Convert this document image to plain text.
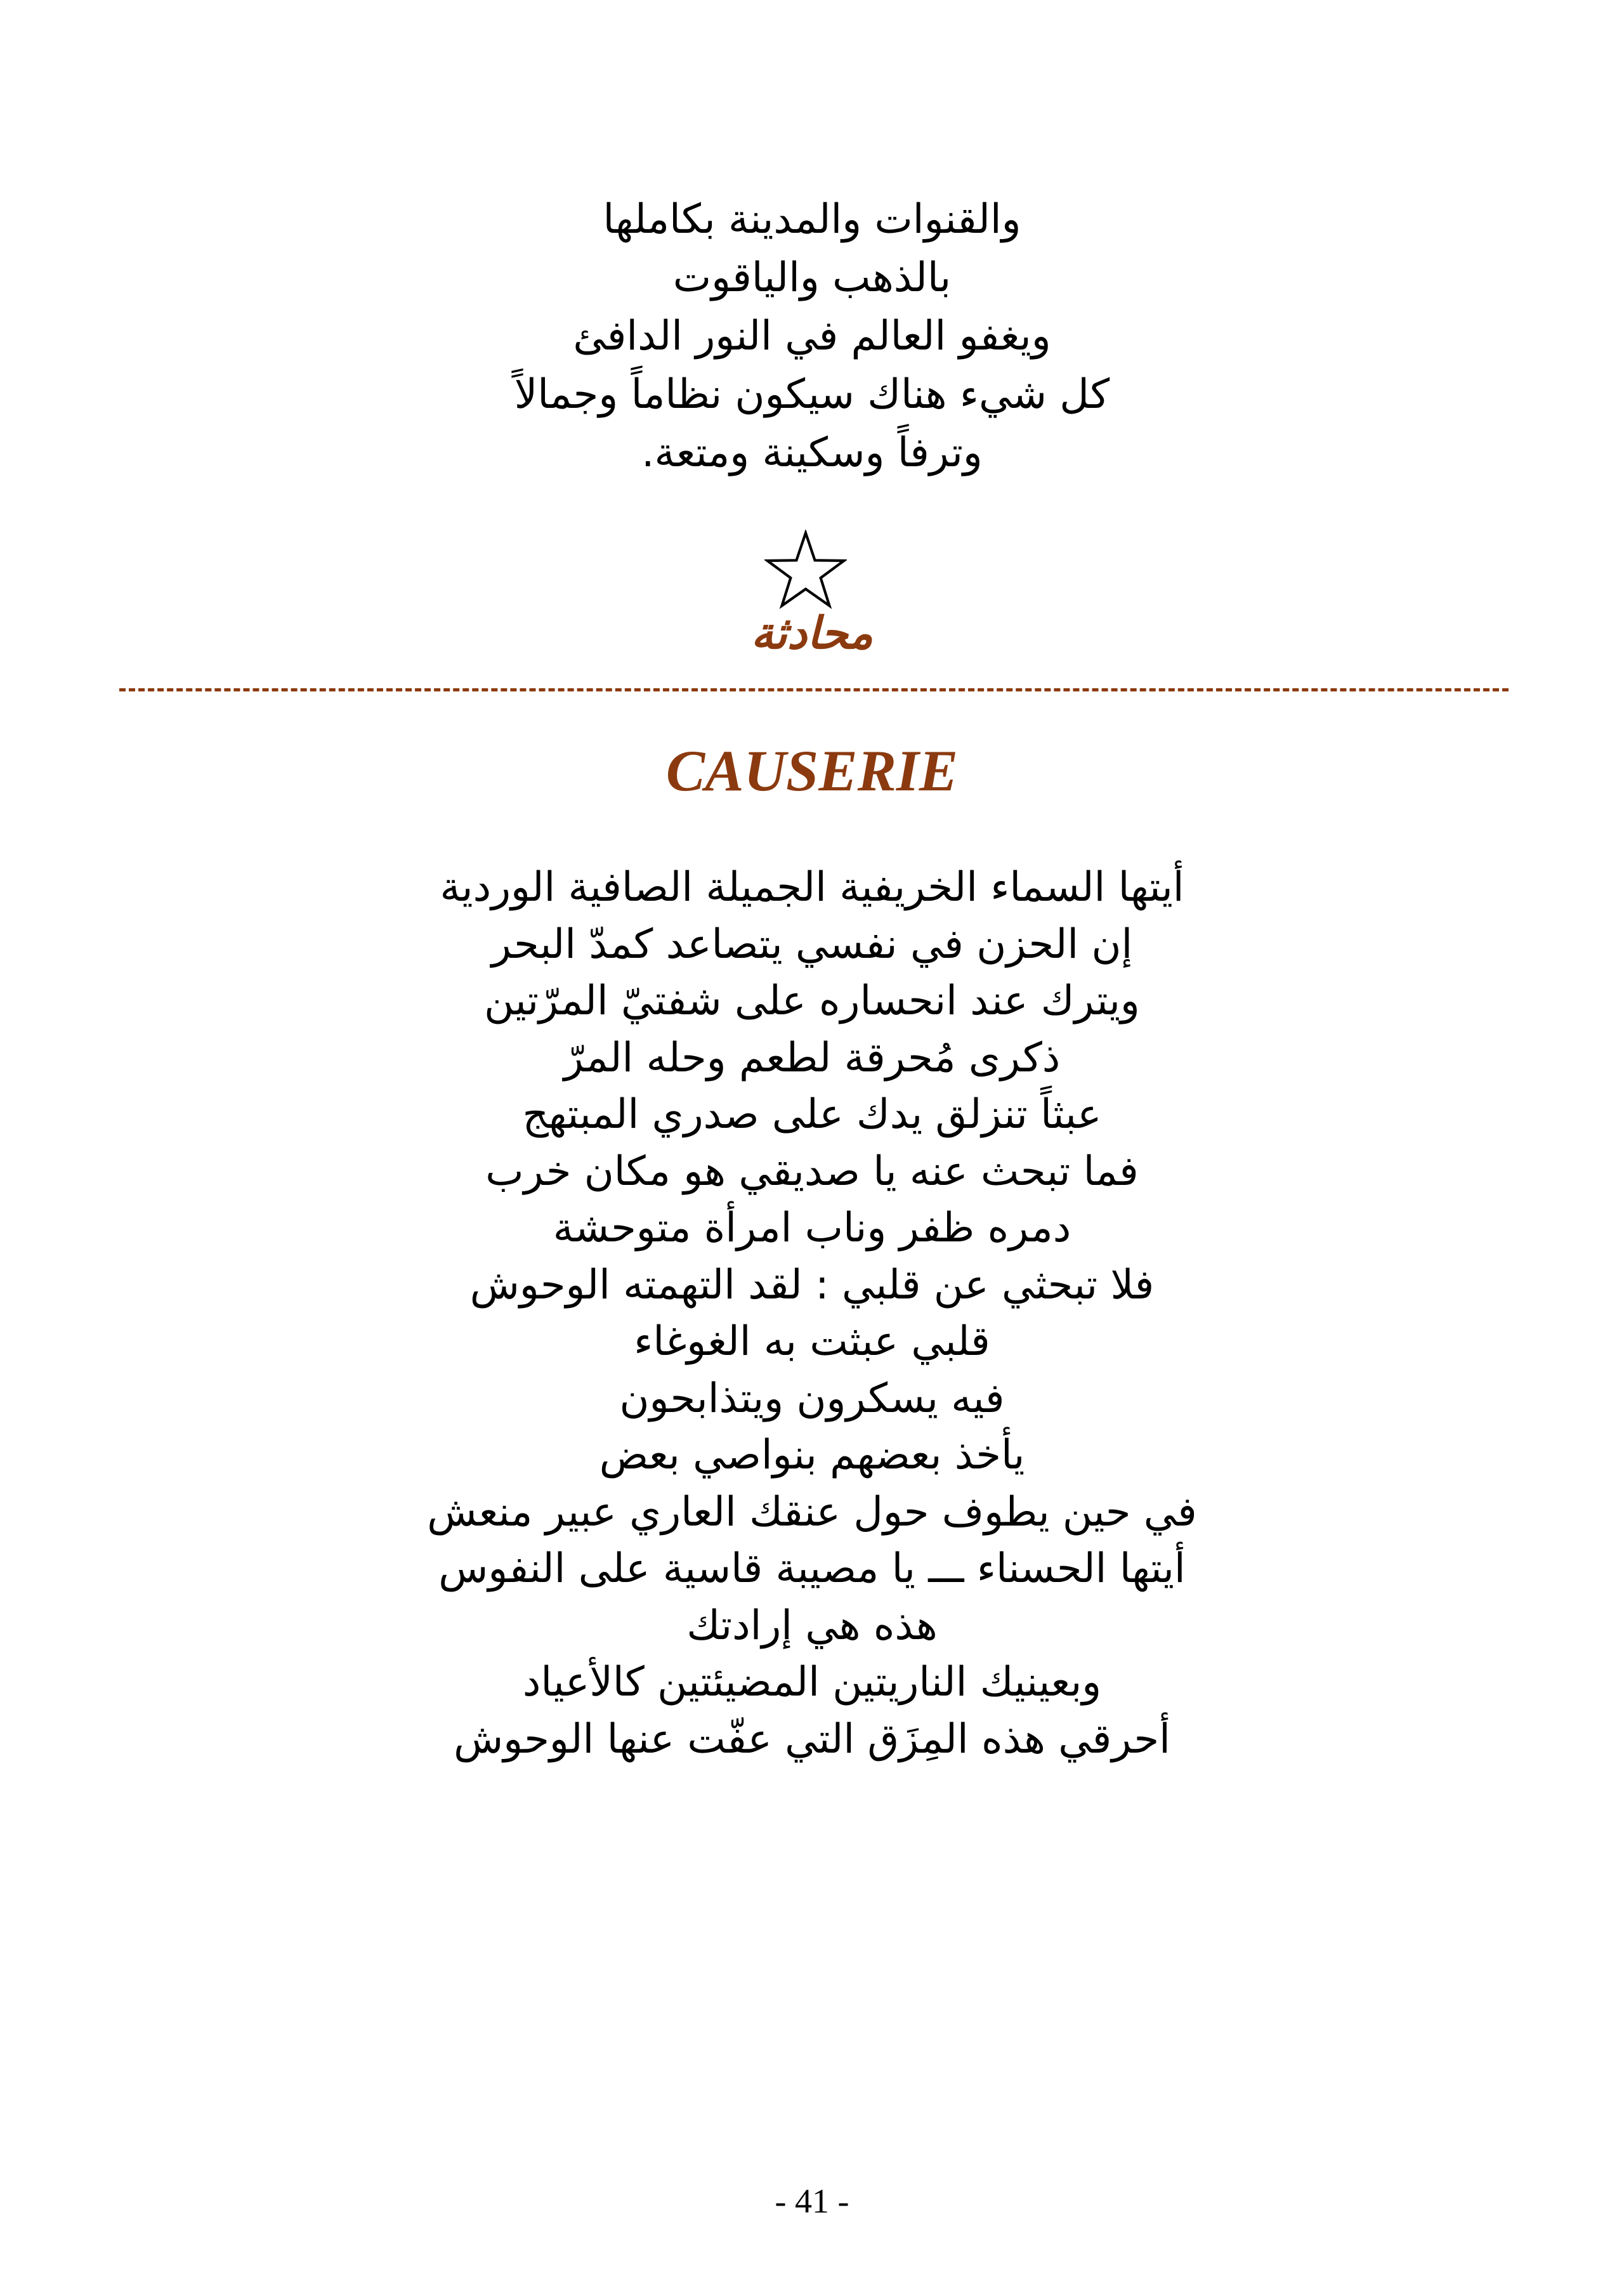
والقنوات والمدينة بكاملها
بالذهب والياقوت
ويغفو العالم في النور الدافئ
كل شيء هناك سيكون نظاماً وجمالاً
وترفاً وسكينة ومتعة.
محادثة
CAUSERIE
أيتها السماء الخريفية الجميلة الصافية الوردية
إن الحزن في نفسي يتصاعد كمدّ البحر
ويترك عند انحساره على شفتيّ المرّتين
ذكرى مُحرقة لطعم وحله المرّ
عبثاً تنزلق يدك على صدري المبتهج
فما تبحث عنه يا صديقي هو مكان خرب
دمره ظفر وناب امرأة متوحشة
فلا تبحثي عن قلبي : لقد التهمته الوحوش
قلبي عبثت به الغوغاء
فيه يسكرون ويتذابحون
يأخذ بعضهم بنواصي بعض
في حين يطوف حول عنقك العاري عبير منعش
أيتها الحسناء ـــ يا مصيبة قاسية على النفوس
هذه هي إرادتك
وبعينيك الناريتين المضيئتين كالأعياد
أحرقي هذه المِزَق التي عفّت عنها الوحوش
- 41 -
